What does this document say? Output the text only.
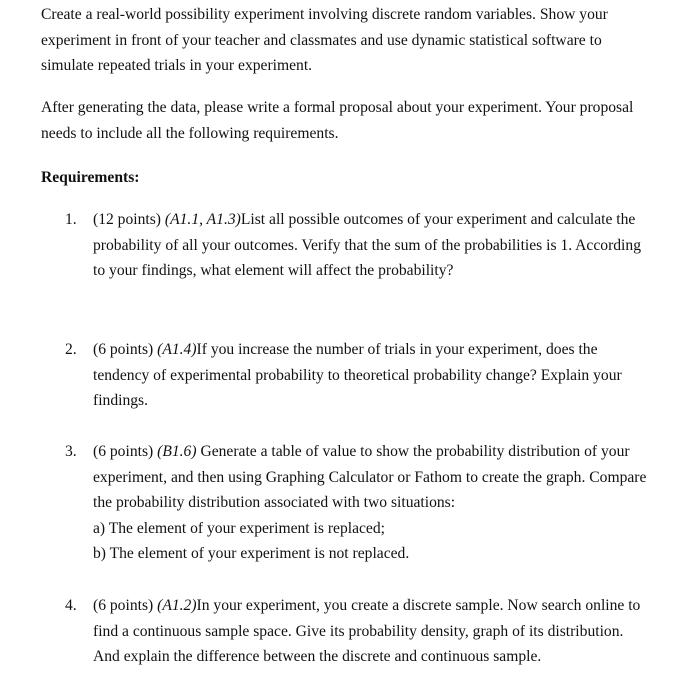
Create a real-world possibility experiment involving discrete random variables. Show your experiment in front of your teacher and classmates and use dynamic statistical software to simulate repeated trials in your experiment.

After generating the data, please write a formal proposal about your experiment. Your proposal needs to include all the following requirements.

Requirements:

1. (12 points) (A1.1, A1.3)List all possible outcomes of your experiment and calculate the probability of all your outcomes. Verify that the sum of the probabilities is 1. According to your findings, what element will affect the probability?
2. (6 points) (A1.4)If you increase the number of trials in your experiment, does the tendency of experimental probability to theoretical probability change? Explain your findings.
3. (6 points) (B1.6) Generate a table of value to show the probability distribution of your experiment, and then using Graphing Calculator or Fathom to create the graph. Compare the probability distribution associated with two situations:
a) The element of your experiment is replaced;
b) The element of your experiment is not replaced.
4. (6 points) (A1.2)In your experiment, you create a discrete sample. Now search online to find a continuous sample space. Give its probability density, graph of its distribution. And explain the difference between the discrete and continuous sample.
